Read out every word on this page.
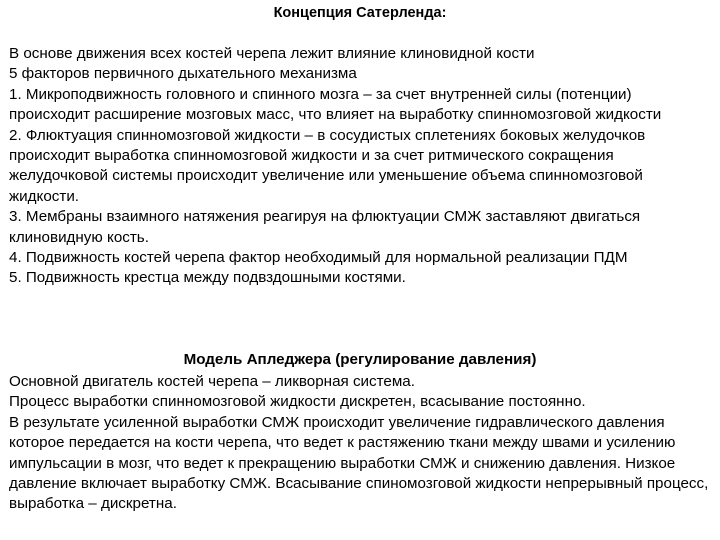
Концепция Сатерленда:

В основе движения всех костей черепа лежит влияние клиновидной кости

5 факторов первичного дыхательного механизма

1. Микроподвижность головного и спинного мозга – за счет внутренней силы (потенции) происходит расширение мозговых масс, что влияет на выработку спинномозговой жидкости

2. Флюктуация спинномозговой жидкости – в сосудистых сплетениях боковых желудочков происходит выработка спинномозговой жидкости и за счет ритмического сокращения желудочковой системы происходит увеличение или уменьшение объема спинномозговой жидкости.

3. Мембраны взаимного натяжения реагируя на флюктуации СМЖ заставляют двигаться клиновидную кость.

4. Подвижность костей черепа фактор необходимый для нормальной реализации ПДМ

5. Подвижность крестца между подвздошными костями.

Модель Апледжера (регулирование давления)

Основной двигатель костей черепа – ликворная система.

Процесс выработки спинномозговой жидкости дискретен, всасывание постоянно.

В результате усиленной выработки СМЖ происходит увеличение гидравлического давления которое передается на кости черепа, что ведет к растяжению ткани между швами и усилению импульсации в мозг, что ведет к прекращению выработки СМЖ и снижению давления. Низкое давление включает выработку СМЖ. Всасывание спиномозговой жидкости непрерывный процесс, выработка – дискретна.
